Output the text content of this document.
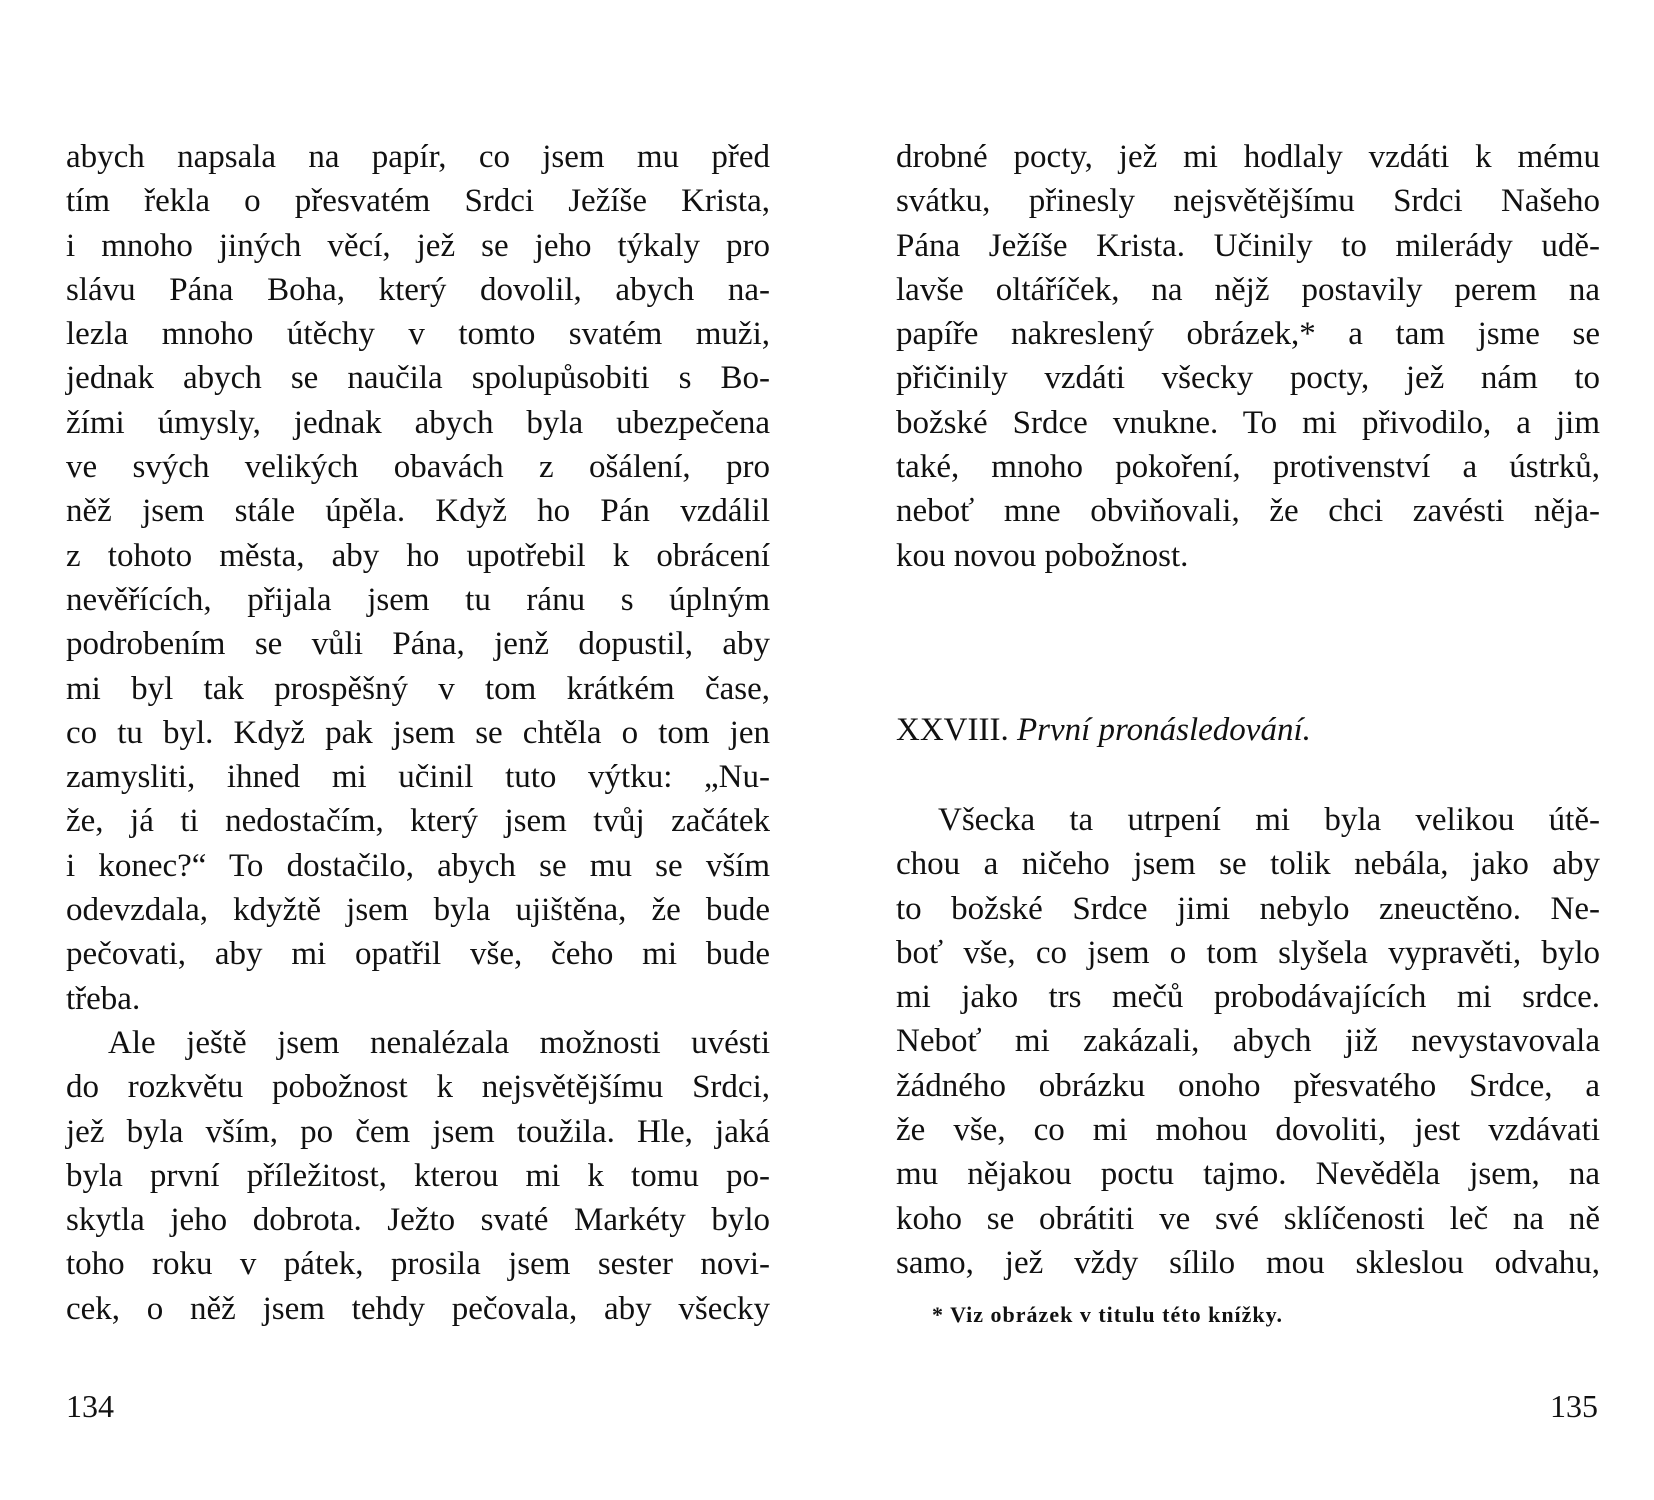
abych napsala na papír, co jsem mu před
tím řekla o přesvatém Srdci Ježíše Krista,
i mnoho jiných věcí, jež se jeho týkaly pro
slávu Pána Boha, který dovolil, abych na-
lezla mnoho útěchy v tomto svatém muži,
jednak abych se naučila spolupůsobiti s Bo-
žími úmysly, jednak abych byla ubezpečena
ve svých velikých obavách z ošálení, pro
něž jsem stále úpěla. Když ho Pán vzdálil
z tohoto města, aby ho upotřebil k obrácení
nevěřících, přijala jsem tu ránu s úplným
podrobením se vůli Pána, jenž dopustil, aby
mi byl tak prospěšný v tom krátkém čase,
co tu byl. Když pak jsem se chtěla o tom jen
zamysliti, ihned mi učinil tuto výtku: „Nu-
že, já ti nedostačím, který jsem tvůj začátek
i konec?“ To dostačilo, abych se mu se vším
odevzdala, kdyžtě jsem byla ujištěna, že bude
pečovati, aby mi opatřil vše, čeho mi bude
třeba.
Ale ještě jsem nenalézala možnosti uvésti
do rozkvětu pobožnost k nejsvětějšímu Srdci,
jež byla vším, po čem jsem toužila. Hle, jaká
byla první příležitost, kterou mi k tomu po-
skytla jeho dobrota. Ježto svaté Markéty bylo
toho roku v pátek, prosila jsem sester novi-
cek, o něž jsem tehdy pečovala, aby všecky
drobné pocty, jež mi hodlaly vzdáti k mému
svátku, přinesly nejsvětějšímu Srdci Našeho
Pána Ježíše Krista. Učinily to milerády udě-
lavše oltáříček, na nějž postavily perem na
papíře nakreslený obrázek,* a tam jsme se
přičinily vzdáti všecky pocty, jež nám to
božské Srdce vnukne. To mi přivodilo, a jim
také, mnoho pokoření, protivenství a ústrků,
neboť mne obviňovali, že chci zavésti něja-
kou novou pobožnost.
XXVIII. První pronásledování.
Všecka ta utrpení mi byla velikou útě-
chou a ničeho jsem se tolik nebála, jako aby
to božské Srdce jimi nebylo zneuctěno. Ne-
boť vše, co jsem o tom slyšela vypravěti, bylo
mi jako trs mečů probodávajících mi srdce.
Neboť mi zakázali, abych již nevystavovala
žádného obrázku onoho přesvatého Srdce, a
že vše, co mi mohou dovoliti, jest vzdávati
mu nějakou poctu tajmo. Nevěděla jsem, na
koho se obrátiti ve své sklíčenosti leč na ně
samo, jež vždy sílilo mou skleslou odvahu,
* Viz obrázek v titulu této knížky.
134	135
